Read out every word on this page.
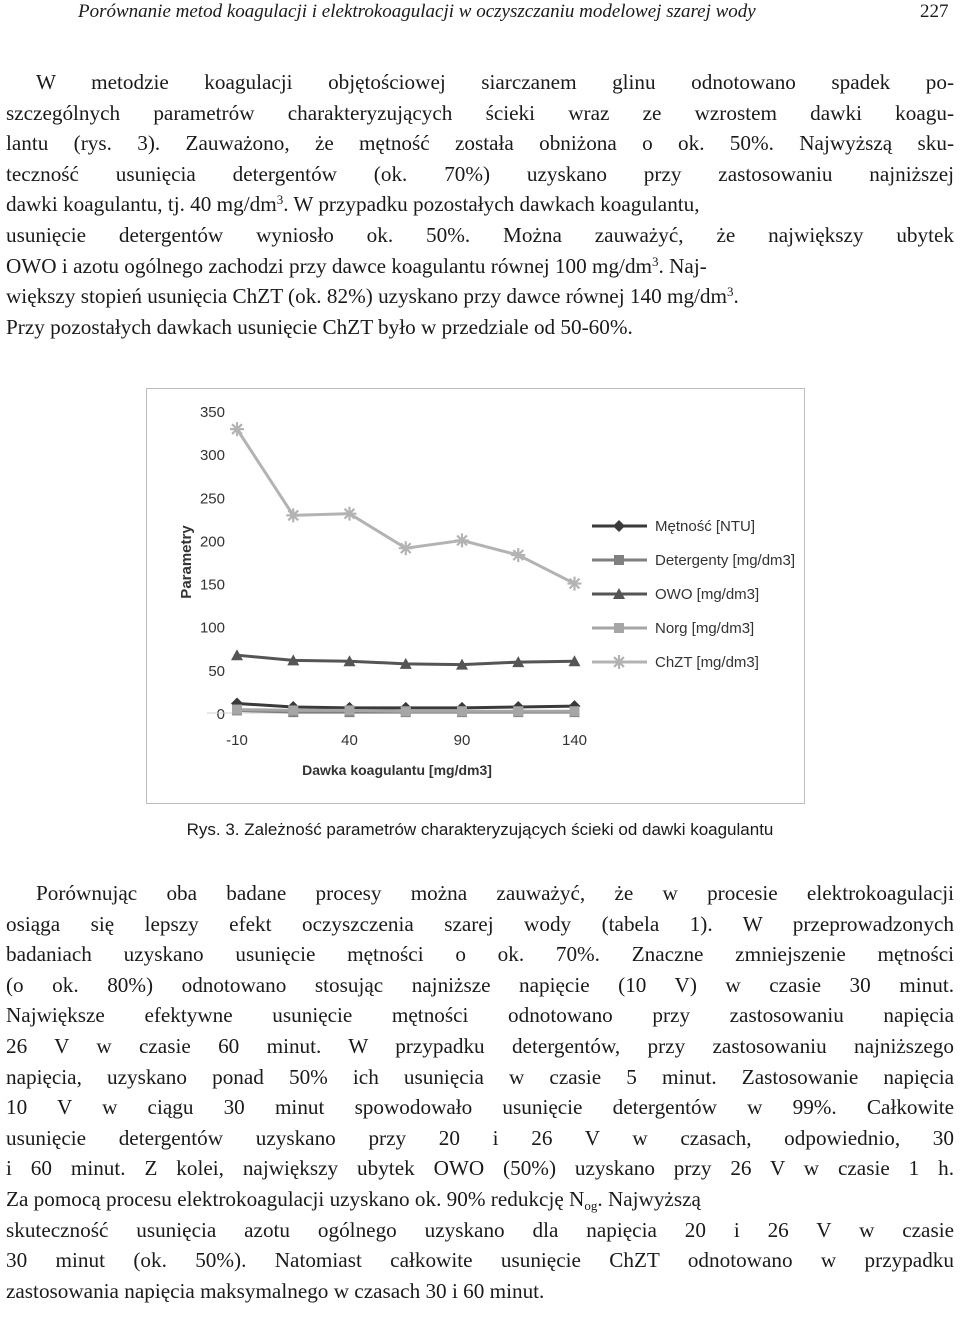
Porównanie metod koagulacji i elektrokoagulacji w oczyszczaniu modelowej szarej wody	227
W metodzie koagulacji objętościowej siarczanem glinu odnotowano spadek po-
szczególnych parametrów charakteryzujących ścieki wraz ze wzrostem dawki koagu-
lantu (rys. 3). Zauważono, że mętność została obniżona o ok. 50%. Najwyższą sku-
teczność usunięcia detergentów (ok. 70%) uzyskano przy zastosowaniu najniższej
dawki koagulantu, tj. 40 $mg/dm^3$. W przypadku pozostałych dawkach koagulantu,
usunięcie detergentów wyniosło ok. 50%. Można zauważyć, że największy ubytek
OWO i azotu ogólnego zachodzi przy dawce koagulantu równej 100 $mg/dm^3$. Naj-
większy stopień usunięcia ChZT (ok. 82%) uzyskano przy dawce równej 140 $mg/dm^3$.
Przy pozostałych dawkach usunięcie ChZT było w przedziale od 50-60%.
0
50
100
150
200
250
300
350
-10	40	90	140
Dawka koagulantu [mg/dm3]
Parametry	Mętność [NTU]
Detergenty [mg/dm3]
OWO [mg/dm3]
Norg [mg/dm3]
ChZT [mg/dm3]
Rys. 3. Zależność parametrów charakteryzujących ścieki od dawki koagulantu
Porównując oba badane procesy można zauważyć, że w procesie elektrokoagulacji
osiąga się lepszy efekt oczyszczenia szarej wody (tabela 1). W przeprowadzonych
badaniach uzyskano usunięcie mętności o ok. 70%. Znaczne zmniejszenie mętności
(o ok. 80%) odnotowano stosując najniższe napięcie (10 V) w czasie 30 minut.
Największe efektywne usunięcie mętności odnotowano przy zastosowaniu napięcia
26 V w czasie 60 minut. W przypadku detergentów, przy zastosowaniu najniższego
napięcia, uzyskano ponad 50% ich usunięcia w czasie 5 minut. Zastosowanie napięcia
10 V w ciągu 30 minut spowodowało usunięcie detergentów w 99%. Całkowite
usunięcie detergentów uzyskano przy 20 i 26 V w czasach, odpowiednio, 30
i 60 minut. Z kolei, największy ubytek OWO (50%) uzyskano przy 26 V w czasie 1 h.
Za pomocą procesu elektrokoagulacji uzyskano ok. 90% redukcję $N_{og}$. Najwyższą
skuteczność usunięcia azotu ogólnego uzyskano dla napięcia 20 i 26 V w czasie
30 minut (ok. 50%). Natomiast całkowite usunięcie ChZT odnotowano w przypadku
zastosowania napięcia maksymalnego w czasach 30 i 60 minut.
